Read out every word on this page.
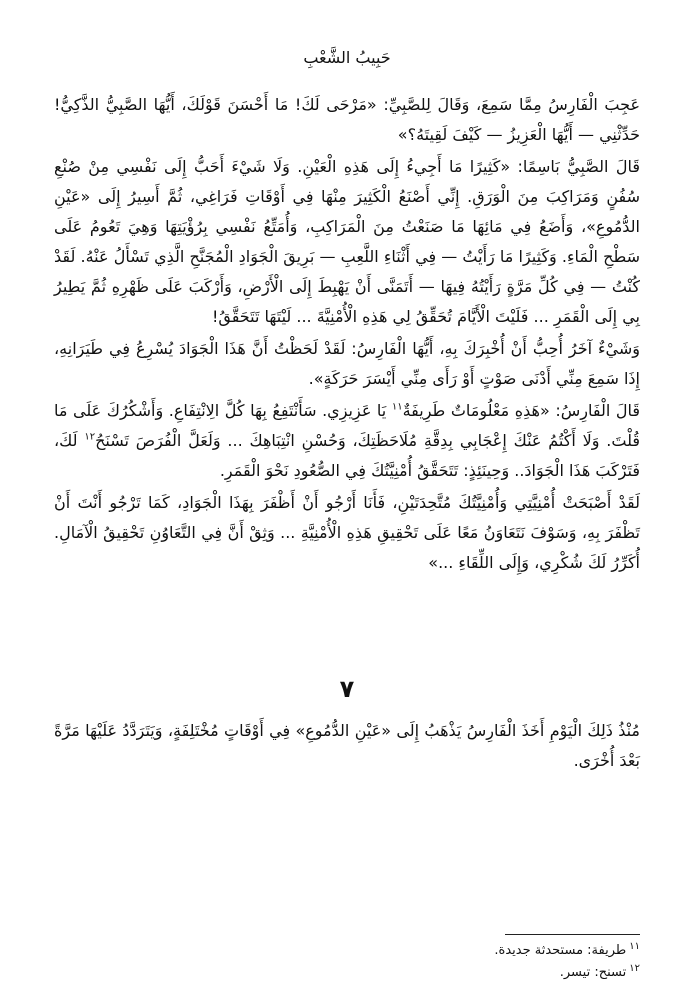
حَبِيبُ الشَّعْبِ

عَجِبَ الْفَارِسُ مِمَّا سَمِعَ، وَقَالَ لِلصَّبِيِّ: «مَرْحَى لَكَ! مَا أَحْسَنَ قَوْلَكَ، أَيُّهَا الصَّبِيُّ الذَّكِيُّ! حَدِّثْنِي — أَيُّهَا الْعَزِيزُ — كَيْفَ لَقِيتَهُ؟»

قَالَ الصَّبِيُّ بَاسِمًا: «كَثِيرًا مَا أَجِيءُ إِلَى هَذِهِ الْعَيْنِ. وَلَا شَيْءَ أَحَبُّ إِلَى نَفْسِي مِنْ صُنْعِ سُفُنٍ وَمَرَاكِبَ مِنَ الْوَرَقِ. إِنِّي أَصْنَعُ الْكَثِيرَ مِنْهَا فِي أَوْقَاتِ فَرَاغِي، ثُمَّ أَسِيرُ إِلَى «عَيْنِ الدُّمُوعِ»، وَأَضَعُ فِي مَائِهَا مَا صَنَعْتُ مِنَ الْمَرَاكِبِ، وَأُمَتِّعُ نَفْسِي بِرُؤْيَتِهَا وَهِيَ تَعُومُ عَلَى سَطْحِ الْمَاءِ. وَكَثِيرًا مَا رَأَيْتُ — فِي أَثْنَاءِ اللَّعِبِ — بَرِيقَ الْجَوَادِ الْمُجَنَّحِ الَّذِي تَسْأَلُ عَنْهُ. لَقَدْ كُنْتُ — فِي كُلِّ مَرَّةٍ رَأَيْتُهُ فِيهَا — أَتَمَنَّى أَنْ يَهْبِطَ إِلَى الْأَرْضِ، وَأَرْكَبَ عَلَى ظَهْرِهِ ثُمَّ يَطِيرُ بِي إِلَى الْقَمَرِ ... فَلَيْتَ الْأَيَّامَ تُحَقِّقُ لِي هَذِهِ الْأُمْنِيَّةَ ... لَيْتَهَا تَتَحَقَّقُ!

وَشَيْءٌ آخَرُ أُحِبُّ أَنْ أُخْبِرَكَ بِهِ، أَيُّهَا الْفَارِسُ: لَقَدْ لَحَظْتُ أَنَّ هَذَا الْجَوَادَ يُسْرِعُ فِي طَيَرَانِهِ، إِذَا سَمِعَ مِنِّي أَدْنَى صَوْتٍ أَوْ رَأَى مِنِّي أَيْسَرَ حَرَكَةٍ».

قَالَ الْفَارِسُ: «هَذِهِ مَعْلُومَاتٌ طَرِيفَةٌ$^{١١}$ يَا عَزِيزِي. سَأَنْتَفِعُ بِهَا كُلَّ الِانْتِفَاعِ. وَأَشْكُرُكَ عَلَى مَا قُلْتَ. وَلَا أَكْتُمُ عَنْكَ إِعْجَابِي بِدِقَّةِ مُلَاحَظَتِكَ، وَحُسْنِ انْتِبَاهِكَ ... وَلَعَلَّ الْفُرَصَ تَسْنَحُ$^{١٢}$ لَكَ، فَتَرْكَبَ هَذَا الْجَوَادَ.. وَحِينَئِذٍ: تَتَحَقَّقُ أُمْنِيَّتُكَ فِي الصُّعُودِ نَحْوَ الْقَمَرِ.

لَقَدْ أَصْبَحَتْ أُمْنِيَّتِي وَأُمْنِيَّتُكَ مُتَّحِدَتَيْنِ، فَأَنَا أَرْجُو أَنْ أَظْفَرَ بِهَذَا الْجَوَادِ، كَمَا تَرْجُو أَنْتَ أَنْ تَظْفَرَ بِهِ، وَسَوْفَ نَتَعَاوَنُ مَعًا عَلَى تَحْقِيقِ هَذِهِ الْأُمْنِيَّةِ ... وَثِقْ أَنَّ فِي التَّعَاوُنِ تَحْقِيقُ الْآمَالِ. أُكَرِّرُ لَكَ شُكْرِي، وَإِلَى اللِّقَاءِ ...»

٧

مُنْذُ ذَلِكَ الْيَوْمِ أَخَذَ الْفَارِسُ يَذْهَبُ إِلَى «عَيْنِ الدُّمُوعِ» فِي أَوْقَاتٍ مُخْتَلِفَةٍ، وَيَتَرَدَّدُ عَلَيْهَا مَرَّةً بَعْدَ أُخْرَى.

$^{١١}$طريفة: مستحدثة جديدة.

$^{١٢}$تسنح: تيسر.
